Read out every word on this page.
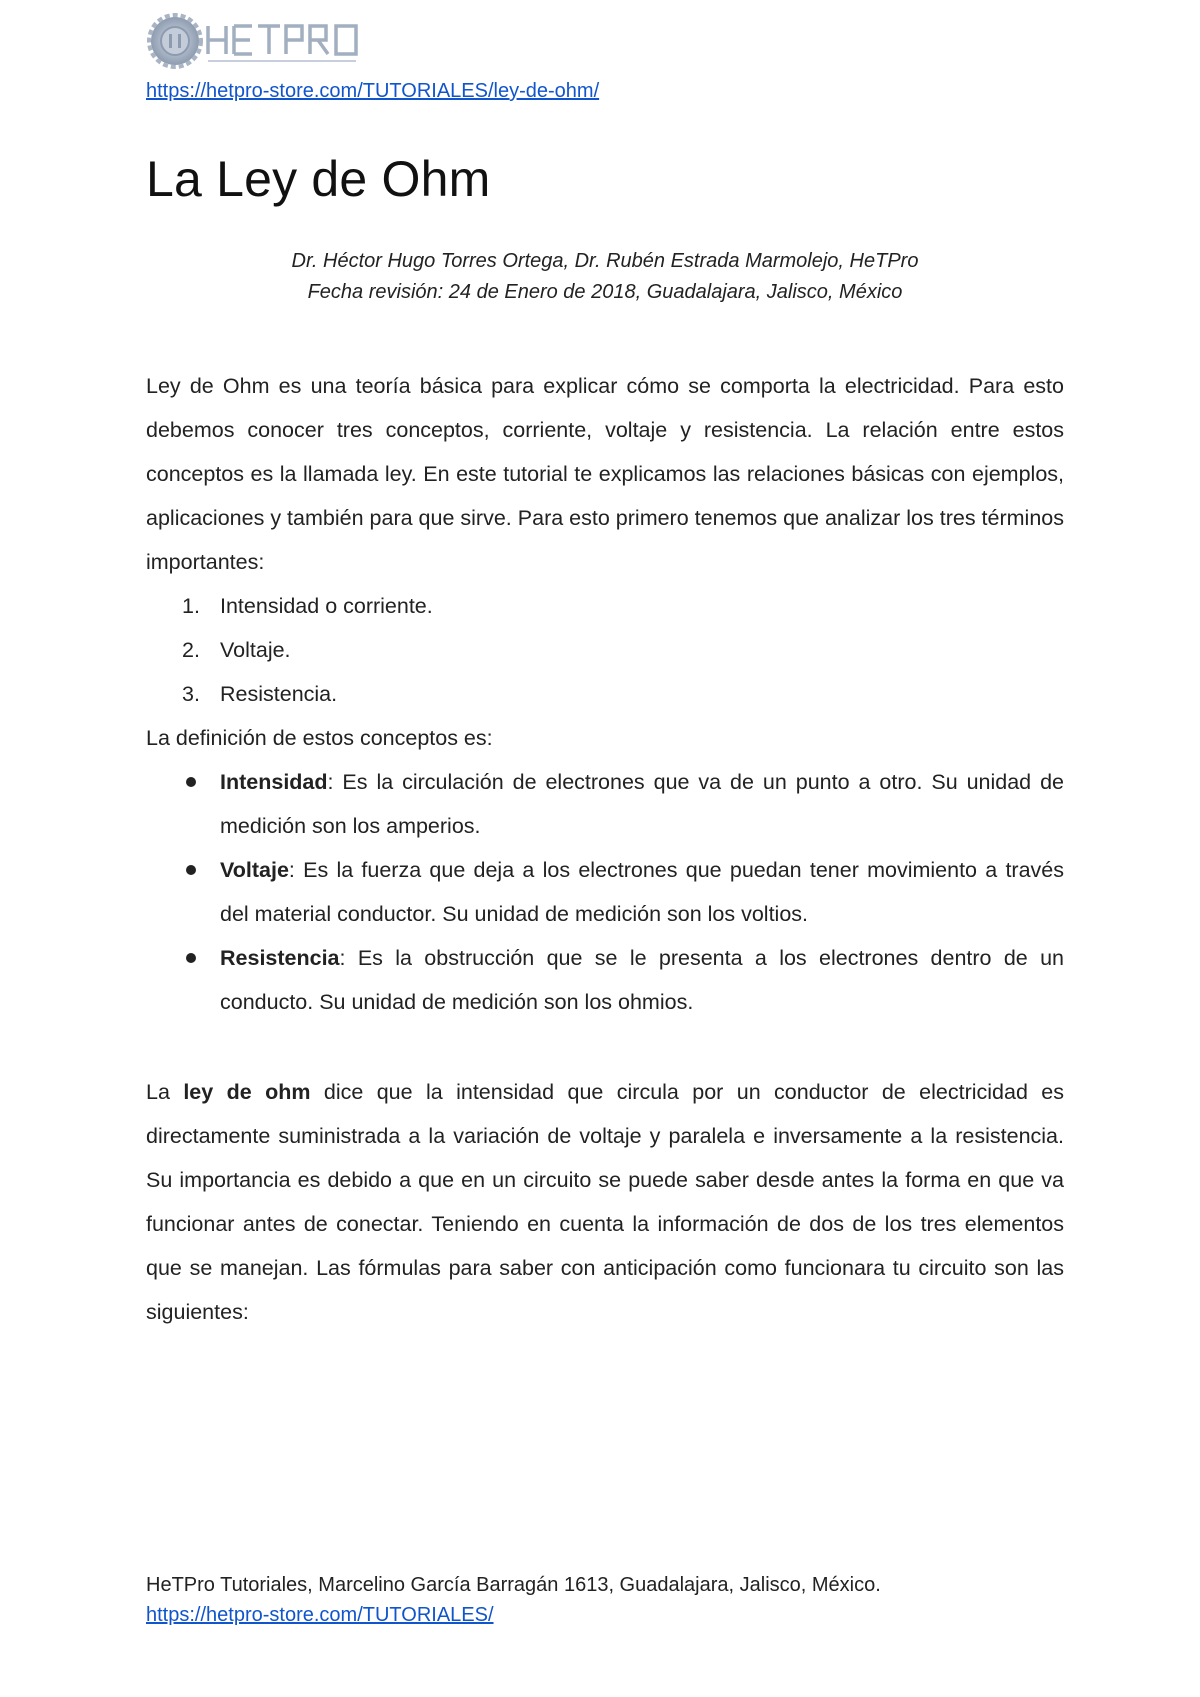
https://hetpro-store.com/TUTORIALES/ley-de-ohm/
La Ley de Ohm
Dr. Héctor Hugo Torres Ortega, Dr. Rubén Estrada Marmolejo, HeTPro
Fecha revisión: 24 de Enero de 2018, Guadalajara, Jalisco, México

Ley de Ohm es una teoría básica para explicar cómo se comporta la electricidad. Para esto debemos conocer tres conceptos, corriente, voltaje y resistencia. La relación entre estos conceptos es la llamada ley. En este tutorial te explicamos las relaciones básicas con ejemplos, aplicaciones y también para que sirve. Para esto primero tenemos que analizar los tres términos importantes:

1. Intensidad o corriente.
2. Voltaje.
3. Resistencia.

La definición de estos conceptos es:

Intensidad: Es la circulación de electrones que va de un punto a otro. Su unidad de medición son los amperios.
Voltaje: Es la fuerza que deja a los electrones que puedan tener movimiento a través del material conductor. Su unidad de medición son los voltios.
Resistencia: Es la obstrucción que se le presenta a los electrones dentro de un conducto. Su unidad de medición son los ohmios.

La ley de ohm dice que la intensidad que circula por un conductor de electricidad es directamente suministrada a la variación de voltaje y paralela e inversamente a la resistencia. Su importancia es debido a que en un circuito se puede saber desde antes la forma en que va funcionar antes de conectar. Teniendo en cuenta la información de dos de los tres elementos que se manejan. Las fórmulas para saber con anticipación como funcionara tu circuito son las siguientes:

HeTPro Tutoriales, Marcelino García Barragán 1613, Guadalajara, Jalisco, México.
https://hetpro-store.com/TUTORIALES/
